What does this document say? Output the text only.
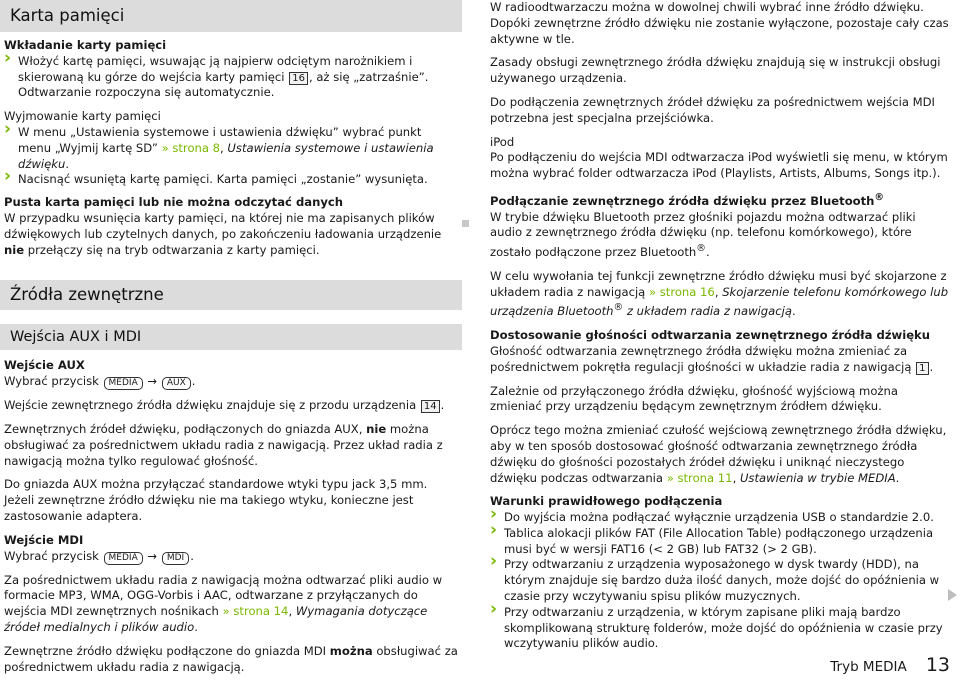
Karta pamięci
Wkładanie karty pamięci
› Włożyć kartę pamięci, wsuwając ją najpierw odciętym narożnikiem i skierowaną ku górze do wejścia karty pamięci 16 , aż się „zatrzaśnie”. Odtwarzanie rozpoczyna się automatycznie.
Wyjmowanie karty pamięci
› W menu „Ustawienia systemowe i ustawienia dźwięku” wybrać punkt menu „Wyjmij kartę SD” » strona 8, Ustawienia systemowe i ustawienia dźwięku.
› Nacisnąć wsuniętą kartę pamięci. Karta pamięci „zostanie” wysunięta.
Pusta karta pamięci lub nie można odczytać danych

W przypadku wsunięcia karty pamięci, na której nie ma zapisanych plików dźwiękowych lub czytelnych danych, po zakończeniu ładowania urządzenie nie przełączy się na tryb odtwarzania z karty pamięci.

Źródła zewnętrzne
Wejścia AUX i MDI
Wejście AUX

Wybrać przycisk MEDIA → AUX .

Wejście zewnętrznego źródła dźwięku znajduje się z przodu urządzenia 14 .

Zewnętrznych źródeł dźwięku, podłączonych do gniazda AUX, nie można obsługiwać za pośrednictwem układu radia z nawigacją. Przez układ radia z nawigacją można tylko regulować głośność.

Do gniazda AUX można przyłączać standardowe wtyki typu jack 3,5 mm. Jeżeli zewnętrzne źródło dźwięku nie ma takiego wtyku, konieczne jest zastosowanie adaptera.

Wejście MDI

Wybrać przycisk MEDIA → MDI .

Za pośrednictwem układu radia z nawigacją można odtwarzać pliki audio w formacie MP3, WMA, OGG-Vorbis i AAC, odtwarzane z przyłączanych do wejścia MDI zewnętrznych nośnikach » strona 14, Wymagania dotyczące źródeł medialnych i plików audio.

Zewnętrzne źródło dźwięku podłączone do gniazda MDI można obsługiwać za pośrednictwem układu radia z nawigacją.

W radioodtwarzaczu można w dowolnej chwili wybrać inne źródło dźwięku. Dopóki zewnętrzne źródło dźwięku nie zostanie wyłączone, pozostaje cały czas aktywne w tle.

Zasady obsługi zewnętrznego źródła dźwięku znajdują się w instrukcji obsługi używanego urządzenia.

Do podłączenia zewnętrznych źródeł dźwięku za pośrednictwem wejścia MDI potrzebna jest specjalna przejściówka.

iPod

Po podłączeniu do wejścia MDI odtwarzacza iPod wyświetli się menu, w którym można wybrać folder odtwarzacza iPod (Playlists, Artists, Albums, Songs itp.).

Podłączanie zewnętrznego źródła dźwięku przez Bluetooth®

W trybie dźwięku Bluetooth przez głośniki pojazdu można odtwarzać pliki audio z zewnętrznego źródła dźwięku (np. telefonu komórkowego), które zostało podłączone przez Bluetooth®.

W celu wywołania tej funkcji zewnętrzne źródło dźwięku musi być skojarzone z układem radia z nawigacją » strona 16, Skojarzenie telefonu komórkowego lub urządzenia Bluetooth® z układem radia z nawigacją.

Dostosowanie głośności odtwarzania zewnętrznego źródła dźwięku

Głośność odtwarzania zewnętrznego źródła dźwięku można zmieniać za pośrednictwem pokrętła regulacji głośności w układzie radia z nawigacją 1 .

Zależnie od przyłączonego źródła dźwięku, głośność wyjściową można zmieniać przy urządzeniu będącym zewnętrznym źródłem dźwięku.

Oprócz tego można zmieniać czułość wejściową zewnętrznego źródła dźwięku, aby w ten sposób dostosować głośność odtwarzania zewnętrznego źródła dźwięku do głośności pozostałych źródeł dźwięku i uniknąć nieczystego dźwięku podczas odtwarzania » strona 11, Ustawienia w trybie MEDIA.

Warunki prawidłowego podłączenia
› Do wyjścia można podłączać wyłącznie urządzenia USB o standardzie 2.0.
› Tablica alokacji plików FAT (File Allocation Table) podłączonego urządzenia musi być w wersji FAT16 (< 2 GB) lub FAT32 (> 2 GB).
› Przy odtwarzaniu z urządzenia wyposażonego w dysk twardy (HDD), na którym znajduje się bardzo duża ilość danych, może dojść do opóźnienia w czasie przy wczytywaniu spisu plików muzycznych.
› Przy odtwarzaniu z urządzenia, w którym zapisane pliki mają bardzo skomplikowaną strukturę folderów, może dojść do opóźnienia w czasie przy wczytywaniu plików audio.
Tryb MEDIA 13
